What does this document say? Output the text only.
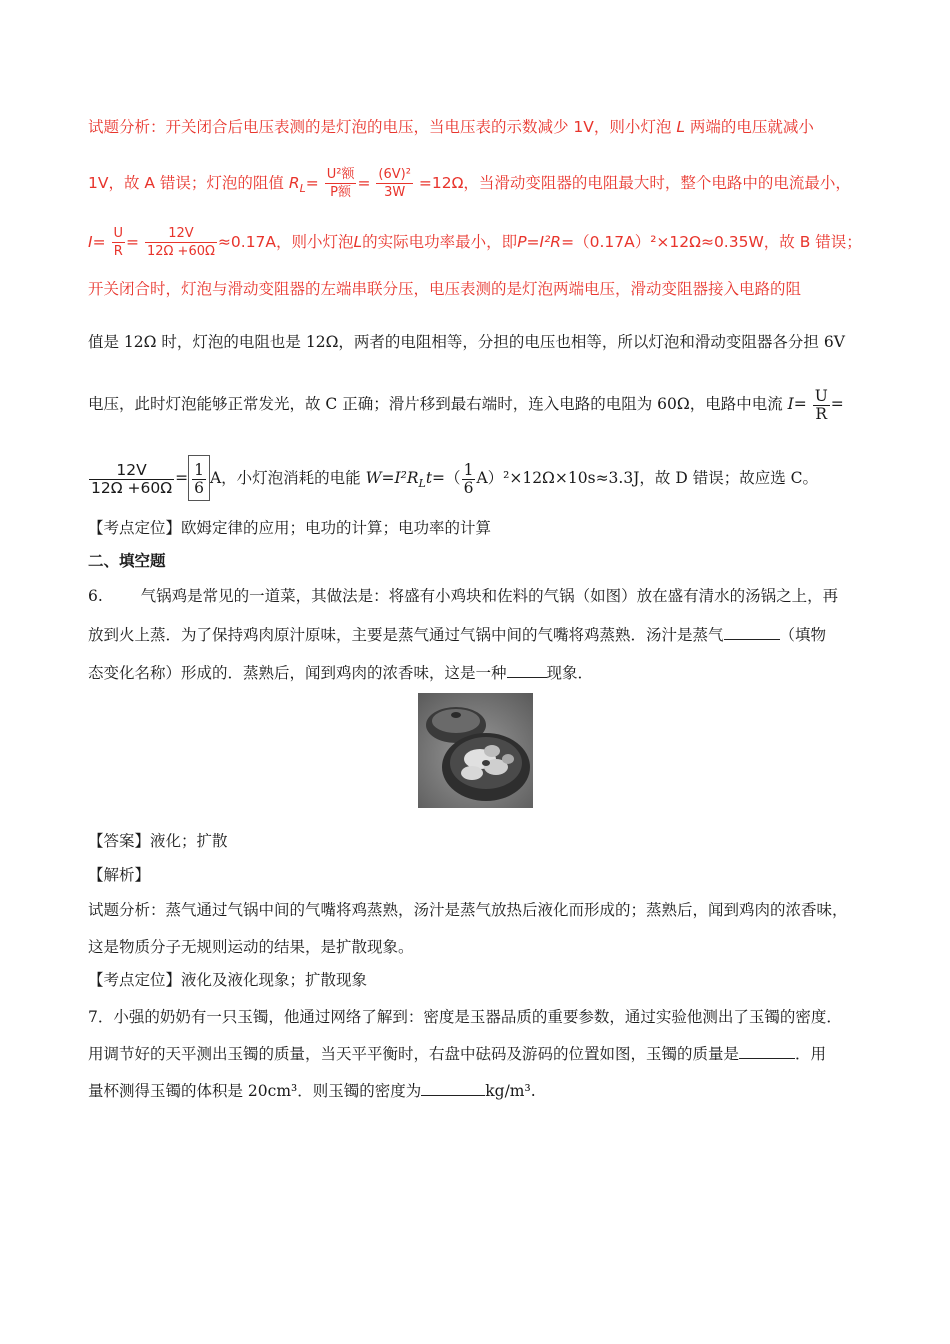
试题分析：开关闭合后电压表测的是灯泡的电压，当电压表的示数减少 1V，则小灯泡 L 两端的电压就减小
1V，故 A 错误；灯泡的阻值 $R_L= \frac{\text{U²额}}{\text{P额}} = \frac{\text{(6V)²}}{3W} =12\Omega$，当滑动变阻器的电阻最大时，整个电路中的电流最小，
$I= \frac{U}{R} = \frac{12V}{12\Omega +60\Omega} \approx 0.17A$，则小灯泡L的实际电功率最小，即P=I²R=（0.17A）²×12Ω≈0.35W，故 B 错误；
开关闭合时，灯泡与滑动变阻器的左端串联分压，电压表测的是灯泡两端电压，滑动变阻器接入电路的阻
值是 12Ω 时，灯泡的电阻也是 12Ω，两者的电阻相等，分担的电压也相等，所以灯泡和滑动变阻器各分担 6V
电压，此时灯泡能够正常发光，故 C 正确；滑片移到最右端时，连入电路的电阻为 60Ω，电路中电流 $I= \frac{U}{R}$ =
$\frac{12V}{12\Omega +60\Omega} = \frac{1}{6}$ A，小灯泡消耗的电能 $W=I^2R_Lt=( \frac{1}{6} A)^2\times 12\Omega\times 10s\approx 3.3J$，故 D 错误；故应选 C。
【考点定位】欧姆定律的应用；电功的计算；电功率的计算
二、填空题
6. 气锅鸡是常见的一道菜，其做法是：将盛有小鸡块和佐料的气锅（如图）放在盛有清水的汤锅之上，再
放到火上蒸．为了保持鸡肉原汁原味，主要是蒸气通过气锅中间的气嘴将鸡蒸熟．汤汁是蒸气	（填物
态变化名称）形成的．蒸熟后，闻到鸡肉的浓香味，这是一种	现象．
【答案】液化；扩散
【解析】
试题分析：蒸气通过气锅中间的气嘴将鸡蒸熟，汤汁是蒸气放热后液化而形成的；蒸熟后，闻到鸡肉的浓香味，
这是物质分子无规则运动的结果，是扩散现象。
【考点定位】液化及液化现象；扩散现象
7．小强的奶奶有一只玉镯，他通过网络了解到：密度是玉器品质的重要参数，通过实验他测出了玉镯的密度．
用调节好的天平测出玉镯的质量，当天平平衡时，右盘中砝码及游码的位置如图，玉镯的质量是	．用
量杯测得玉镯的体积是 20cm³．则玉镯的密度为	kg/m³.
